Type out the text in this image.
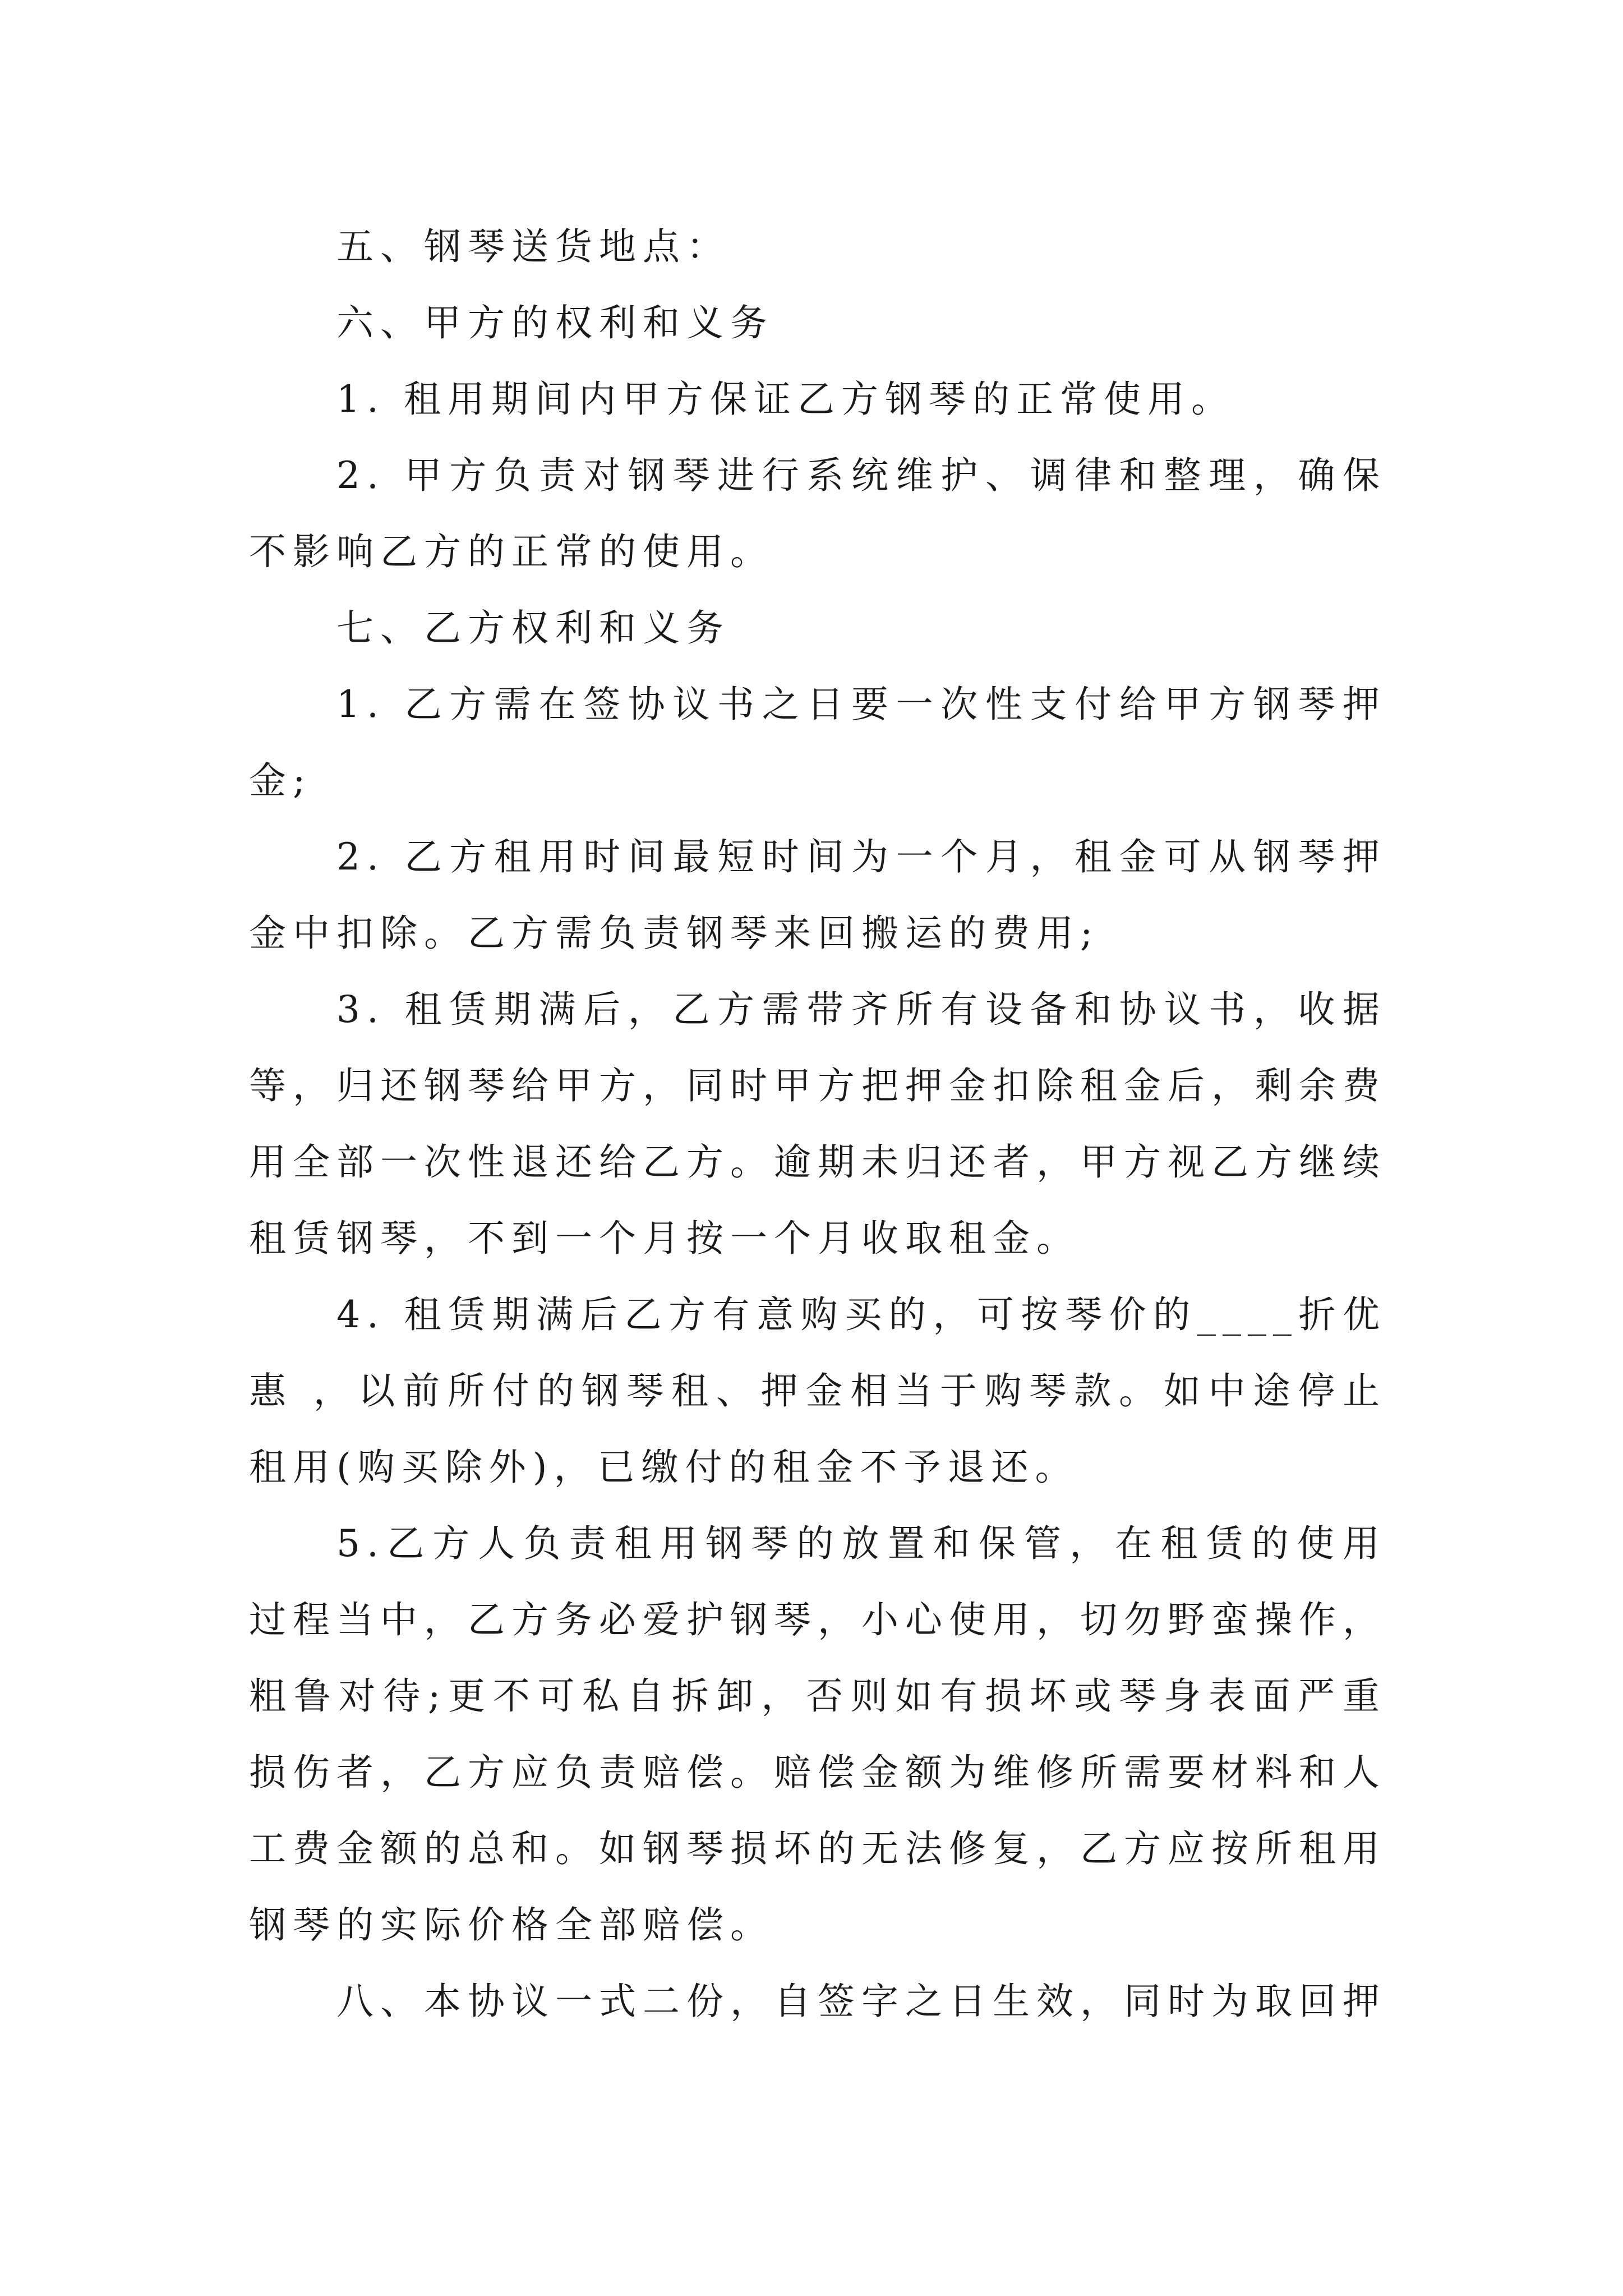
五、钢琴送货地点：

六、甲方的权利和义务

1. 租用期间内甲方保证乙方钢琴的正常使用。

2. 甲方负责对钢琴进行系统维护、调律和整理，确保不影响乙方的正常的使用。

七、乙方权利和义务

1. 乙方需在签协议书之日要一次性支付给甲方钢琴押金;

2. 乙方租用时间最短时间为一个月，租金可从钢琴押金中扣除。乙方需负责钢琴来回搬运的费用;

3. 租赁期满后，乙方需带齐所有设备和协议书，收据等，归还钢琴给甲方，同时甲方把押金扣除租金后，剩余费用全部一次性退还给乙方。逾期未归还者，甲方视乙方继续租赁钢琴，不到一个月按一个月收取租金。

4. 租赁期满后乙方有意购买的，可按琴价的____折优惠 ，以前所付的钢琴租、押金相当于购琴款。如中途停止租用(购买除外)，已缴付的租金不予退还。

5.乙方人负责租用钢琴的放置和保管，在租赁的使用过程当中，乙方务必爱护钢琴，小心使用，切勿野蛮操作，粗鲁对待;更不可私自拆卸，否则如有损坏或琴身表面严重损伤者，乙方应负责赔偿。赔偿金额为维修所需要材料和人工费金额的总和。如钢琴损坏的无法修复，乙方应按所租用钢琴的实际价格全部赔偿。

八、本协议一式二份，自签字之日生效，同时为取回押
